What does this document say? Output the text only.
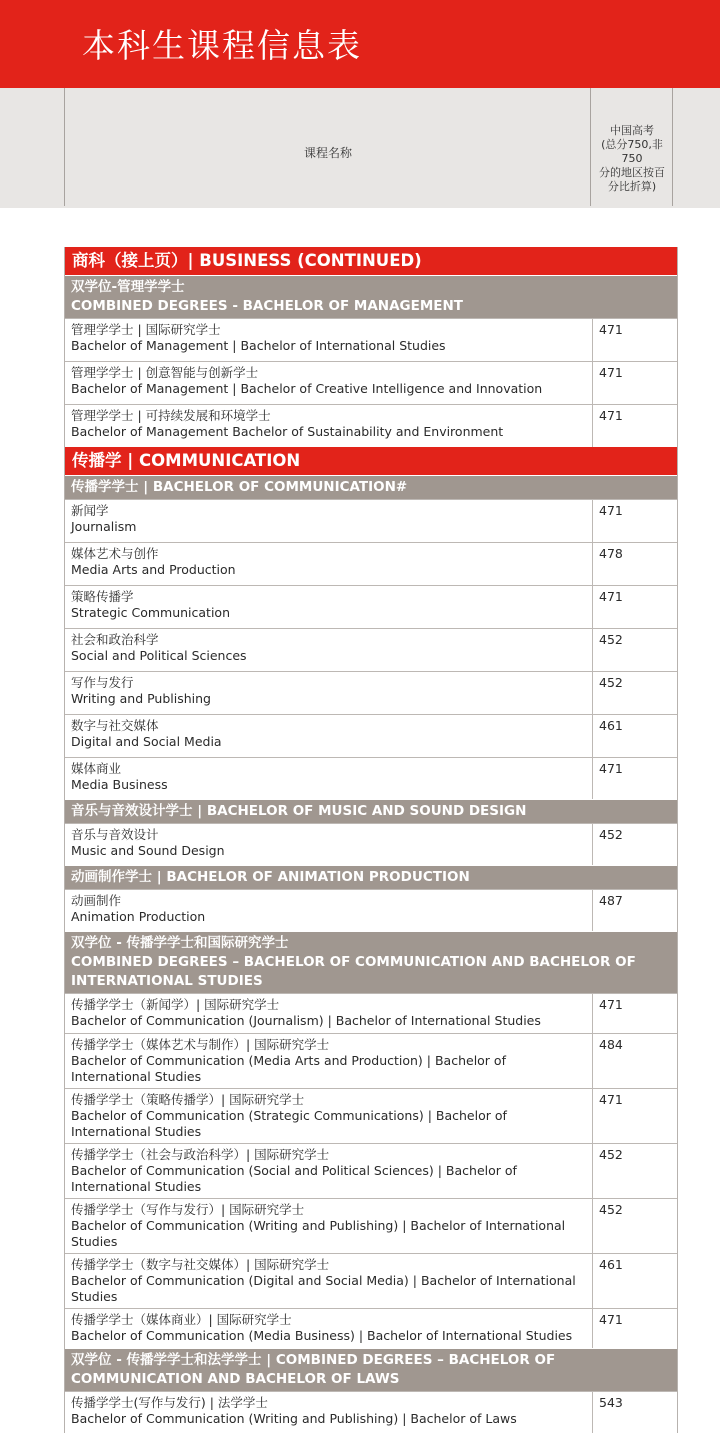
本科生课程信息表
课程名称
中国高考
(总分750,非750
分的地区按百
分比折算)
商科（接上页）| BUSINESS (CONTINUED)
双学位-管理学学士
COMBINED DEGREES - BACHELOR OF MANAGEMENT
管理学学士 | 国际研究学士
Bachelor of Management | Bachelor of International Studies
471
管理学学士 | 创意智能与创新学士
Bachelor of Management | Bachelor of Creative Intelligence and Innovation
471
管理学学士 | 可持续发展和环境学士
Bachelor of Management Bachelor of Sustainability and Environment
471
传播学 | COMMUNICATION
传播学学士 | BACHELOR OF COMMUNICATION#
新闻学
Journalism
471
媒体艺术与创作
Media Arts and Production
478
策略传播学
Strategic Communication
471
社会和政治科学
Social and Political Sciences
452
写作与发行
Writing and Publishing
452
数字与社交媒体
Digital and Social Media
461
媒体商业
Media Business
471
音乐与音效设计学士 | BACHELOR OF MUSIC AND SOUND DESIGN
音乐与音效设计
Music and Sound Design
452
动画制作学士 | BACHELOR OF ANIMATION PRODUCTION
动画制作
Animation Production
487
双学位 - 传播学学士和国际研究学士
COMBINED DEGREES – BACHELOR OF COMMUNICATION AND BACHELOR OF
INTERNATIONAL STUDIES
传播学学士（新闻学）| 国际研究学士
Bachelor of Communication (Journalism) | Bachelor of International Studies
471
传播学学士（媒体艺术与制作）| 国际研究学士
Bachelor of Communication (Media Arts and Production) | Bachelor of International Studies
484
传播学学士（策略传播学）| 国际研究学士
Bachelor of Communication (Strategic Communications) | Bachelor of International Studies
471
传播学学士（社会与政治科学）| 国际研究学士
Bachelor of Communication (Social and Political Sciences) | Bachelor of International Studies
452
传播学学士（写作与发行）| 国际研究学士
Bachelor of Communication (Writing and Publishing) | Bachelor of International Studies
452
传播学学士（数字与社交媒体）| 国际研究学士
Bachelor of Communication (Digital and Social Media) | Bachelor of International Studies
461
传播学学士（媒体商业）| 国际研究学士
Bachelor of Communication (Media Business) | Bachelor of International Studies
471
双学位 - 传播学学士和法学学士 | COMBINED DEGREES – BACHELOR OF
COMMUNICATION AND BACHELOR OF LAWS
传播学学士(写作与发行) | 法学学士
Bachelor of Communication (Writing and Publishing) | Bachelor of Laws
543
